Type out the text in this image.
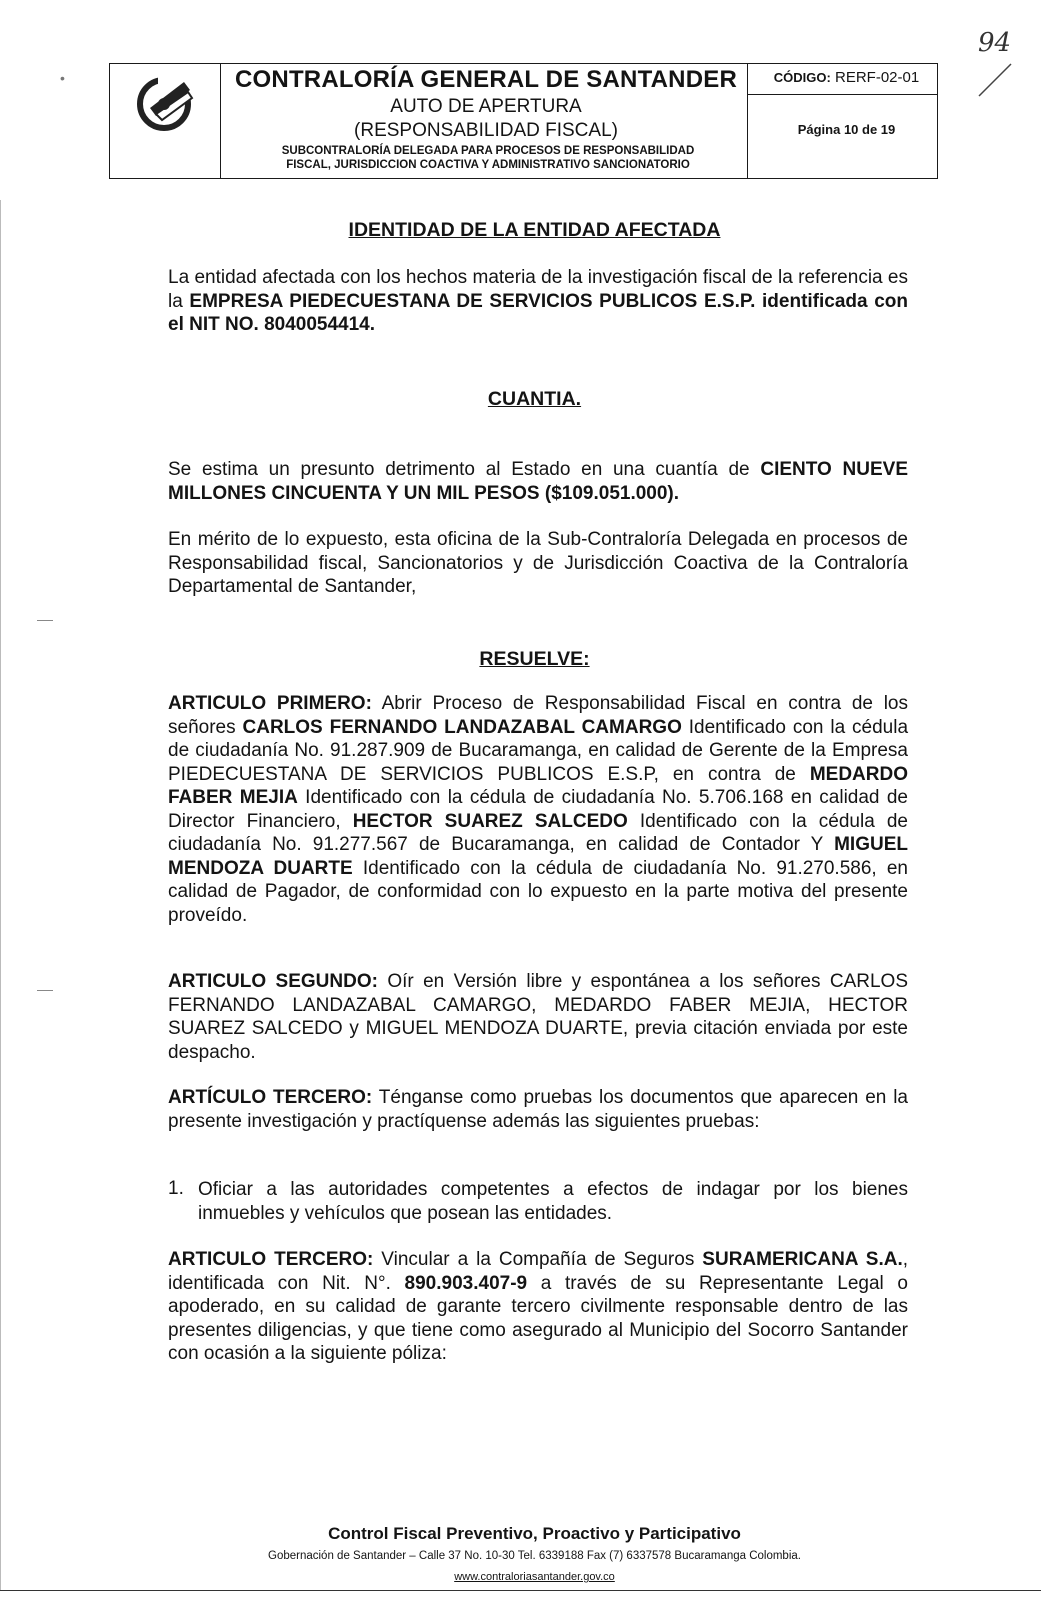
CONTRALORÍA GENERAL DE SANTANDER
AUTO DE APERTURA
(RESPONSABILIDAD FISCAL)
SUBCONTRALORÍA DELEGADA PARA PROCESOS DE RESPONSABILIDAD
FISCAL, JURISDICCION COACTIVA Y ADMINISTRATIVO SANCIONATORIO
CÓDIGO: RERF-02-01
Página 10 de 19
94
IDENTIDAD DE LA ENTIDAD AFECTADA
La entidad afectada con los hechos materia de la investigación fiscal de la referencia es la EMPRESA PIEDECUESTANA DE SERVICIOS PUBLICOS E.S.P. identificada con el NIT NO. 8040054414.
CUANTIA.
Se estima un presunto detrimento al Estado en una cuantía de CIENTO NUEVE MILLONES CINCUENTA Y UN MIL PESOS ($109.051.000).
En mérito de lo expuesto, esta oficina de la Sub-Contraloría Delegada en procesos de Responsabilidad fiscal, Sancionatorios y de Jurisdicción Coactiva de la Contraloría Departamental de Santander,
RESUELVE:
ARTICULO PRIMERO: Abrir Proceso de Responsabilidad Fiscal en contra de los señores CARLOS FERNANDO LANDAZABAL CAMARGO Identificado con la cédula de ciudadanía No. 91.287.909 de Bucaramanga, en calidad de Gerente de la Empresa PIEDECUESTANA DE SERVICIOS PUBLICOS E.S.P, en contra de MEDARDO FABER MEJIA Identificado con la cédula de ciudadanía No. 5.706.168 en calidad de Director Financiero, HECTOR SUAREZ SALCEDO Identificado con la cédula de ciudadanía No. 91.277.567 de Bucaramanga, en calidad de Contador Y MIGUEL MENDOZA DUARTE Identificado con la cédula de ciudadanía No. 91.270.586, en calidad de Pagador, de conformidad con lo expuesto en la parte motiva del presente proveído.
ARTICULO SEGUNDO: Oír en Versión libre y espontánea a los señores CARLOS FERNANDO LANDAZABAL CAMARGO, MEDARDO FABER MEJIA, HECTOR SUAREZ SALCEDO y MIGUEL MENDOZA DUARTE, previa citación enviada por este despacho.
ARTÍCULO TERCERO: Ténganse como pruebas los documentos que aparecen en la presente investigación y practíquense además las siguientes pruebas:
1. Oficiar a las autoridades competentes a efectos de indagar por los bienes inmuebles y vehículos que posean las entidades.
ARTICULO TERCERO: Vincular a la Compañía de Seguros SURAMERICANA S.A., identificada con Nit. N°. 890.903.407-9 a través de su Representante Legal o apoderado, en su calidad de garante tercero civilmente responsable dentro de las presentes diligencias, y que tiene como asegurado al Municipio del Socorro Santander con ocasión a la siguiente póliza:
Control Fiscal Preventivo, Proactivo y Participativo
Gobernación de Santander – Calle 37 No. 10-30 Tel. 6339188 Fax (7) 6337578 Bucaramanga Colombia.
www.contraloriasantander.gov.co
•
